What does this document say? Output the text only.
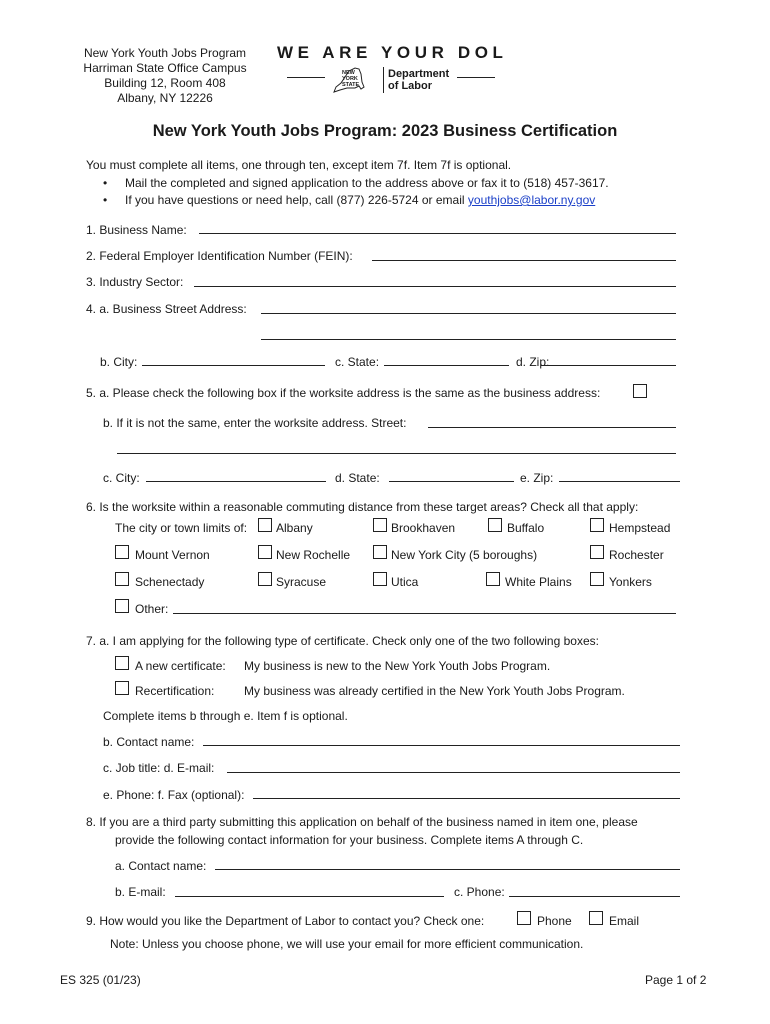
New York Youth Jobs Program
Harriman State Office Campus
Building 12, Room 408
Albany, NY 12226
WE ARE YOUR DOL
NEW
YORK
STATE
Department
of Labor
New York Youth Jobs Program: 2023 Business Certification
You must complete all items, one through ten, except item 7f. Item 7f is optional.
• Mail the completed and signed application to the address above or fax it to (518) 457-3617.
• If you have questions or need help, call (877) 226-5724 or email youthjobs@labor.ny.gov
1. Business Name:
2. Federal Employer Identification Number (FEIN):
3. Industry Sector:
4. a. Business Street Address:
b. City:	c. State:	d. Zip:
5. a. Please check the following box if the worksite address is the same as the business address:
b. If it is not the same, enter the worksite address. Street:
c. City:	d. State:	e. Zip:
6. Is the worksite within a reasonable commuting distance from these target areas? Check all that apply:
The city or town limits of: Albany	Brookhaven	Buffalo	Hempstead
Mount Vernon	New Rochelle	New York City (5 boroughs)	Rochester
Schenectady	Syracuse	Utica	White Plains	Yonkers
Other:
7. a. I am applying for the following type of certificate. Check only one of the two following boxes:
A new certificate: My business is new to the New York Youth Jobs Program.
Recertification: My business was already certified in the New York Youth Jobs Program.
Complete items b through e. Item f is optional.
b. Contact name:
c. Job title: d. E-mail:
e. Phone: f. Fax (optional):
8. If you are a third party submitting this application on behalf of the business named in item one, please
provide the following contact information for your business. Complete items A through C.
a. Contact name:
b. E-mail:	c. Phone:
9. How would you like the Department of Labor to contact you? Check one:	Phone	Email
Note: Unless you choose phone, we will use your email for more efficient communication.
ES 325 (01/23)	Page 1 of 2
